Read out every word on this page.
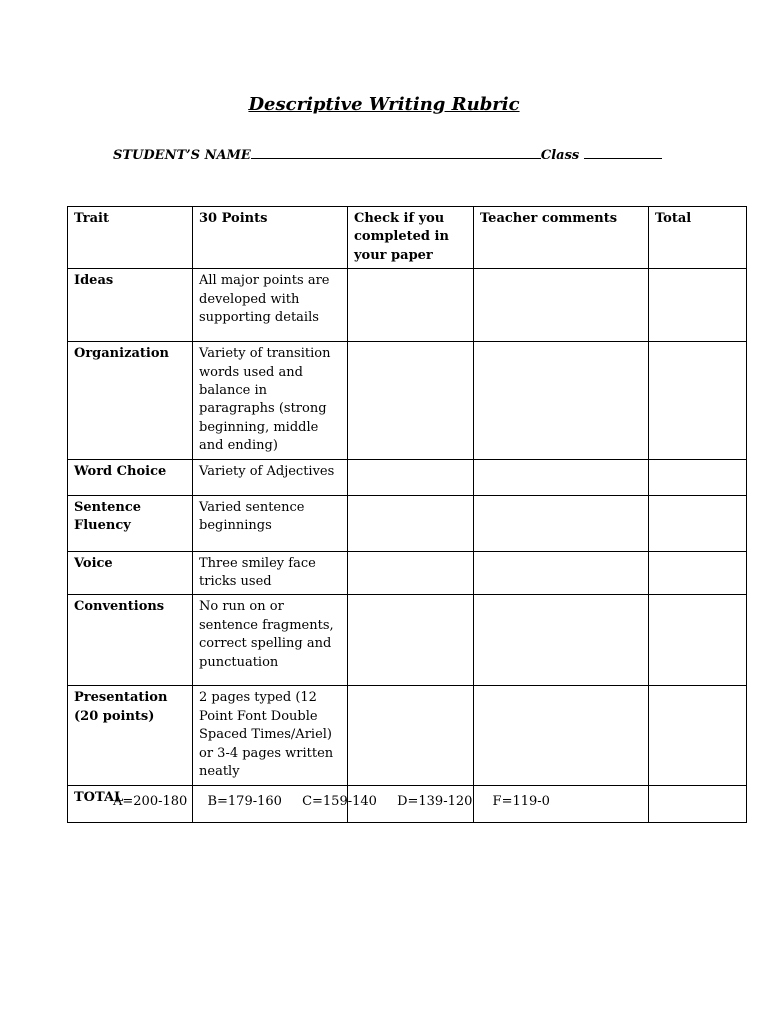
Descriptive Writing Rubric
STUDENT’S NAME	Class
Trait	30 Points	Check if you completed in your paper	Teacher comments	Total
Ideas	All major points are developed with supporting details			
Organization	Variety of transition words used and balance in paragraphs (strong beginning, middle and ending)			
Word Choice	Variety of Adjectives			
Sentence Fluency	Varied sentence beginnings			
Voice	Three smiley face tricks used			
Conventions	No run on or sentence fragments, correct spelling and punctuation			
Presentation (20 points)	2 pages typed (12 Point Font Double Spaced Times/Ariel) or 3-4 pages written neatly			
TOTAL				
A=200-180 B=179-160 C=159-140 D=139-120 F=119-0
